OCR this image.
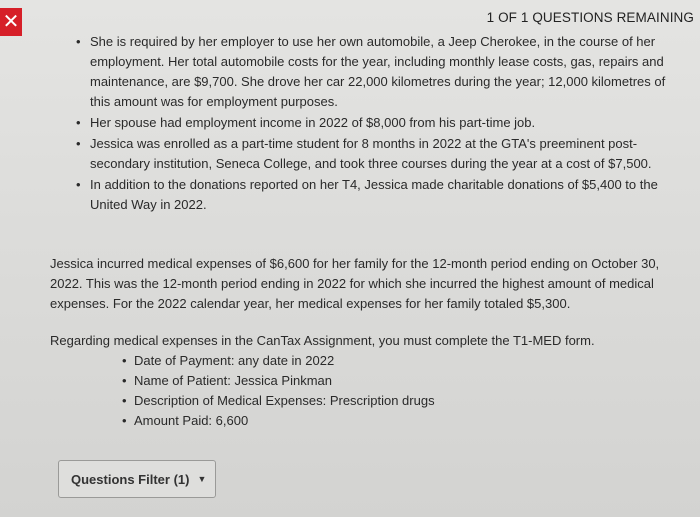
✕	1 OF 1 QUESTIONS REMAINING
• She is required by her employer to use her own automobile, a Jeep Cherokee, in the course of her employment. Her total automobile costs for the year, including monthly lease costs, gas, repairs and maintenance, are $9,700. She drove her car 22,000 kilometres during the year; 12,000 kilometres of this amount was for employment purposes.
• Her spouse had employment income in 2022 of $8,000 from his part-time job.
• Jessica was enrolled as a part-time student for 8 months in 2022 at the GTA's preeminent post-secondary institution, Seneca College, and took three courses during the year at a cost of $7,500.
• In addition to the donations reported on her T4, Jessica made charitable donations of $5,400 to the United Way in 2022.

Jessica incurred medical expenses of $6,600 for her family for the 12-month period ending on October 30, 2022. This was the 12-month period ending in 2022 for which she incurred the highest amount of medical expenses. For the 2022 calendar year, her medical expenses for her family totaled $5,300.

Regarding medical expenses in the CanTax Assignment, you must complete the T1-MED form.

• Date of Payment: any date in 2022
• Name of Patient: Jessica Pinkman
• Description of Medical Expenses: Prescription drugs
• Amount Paid: 6,600
Questions Filter (1) ▼
